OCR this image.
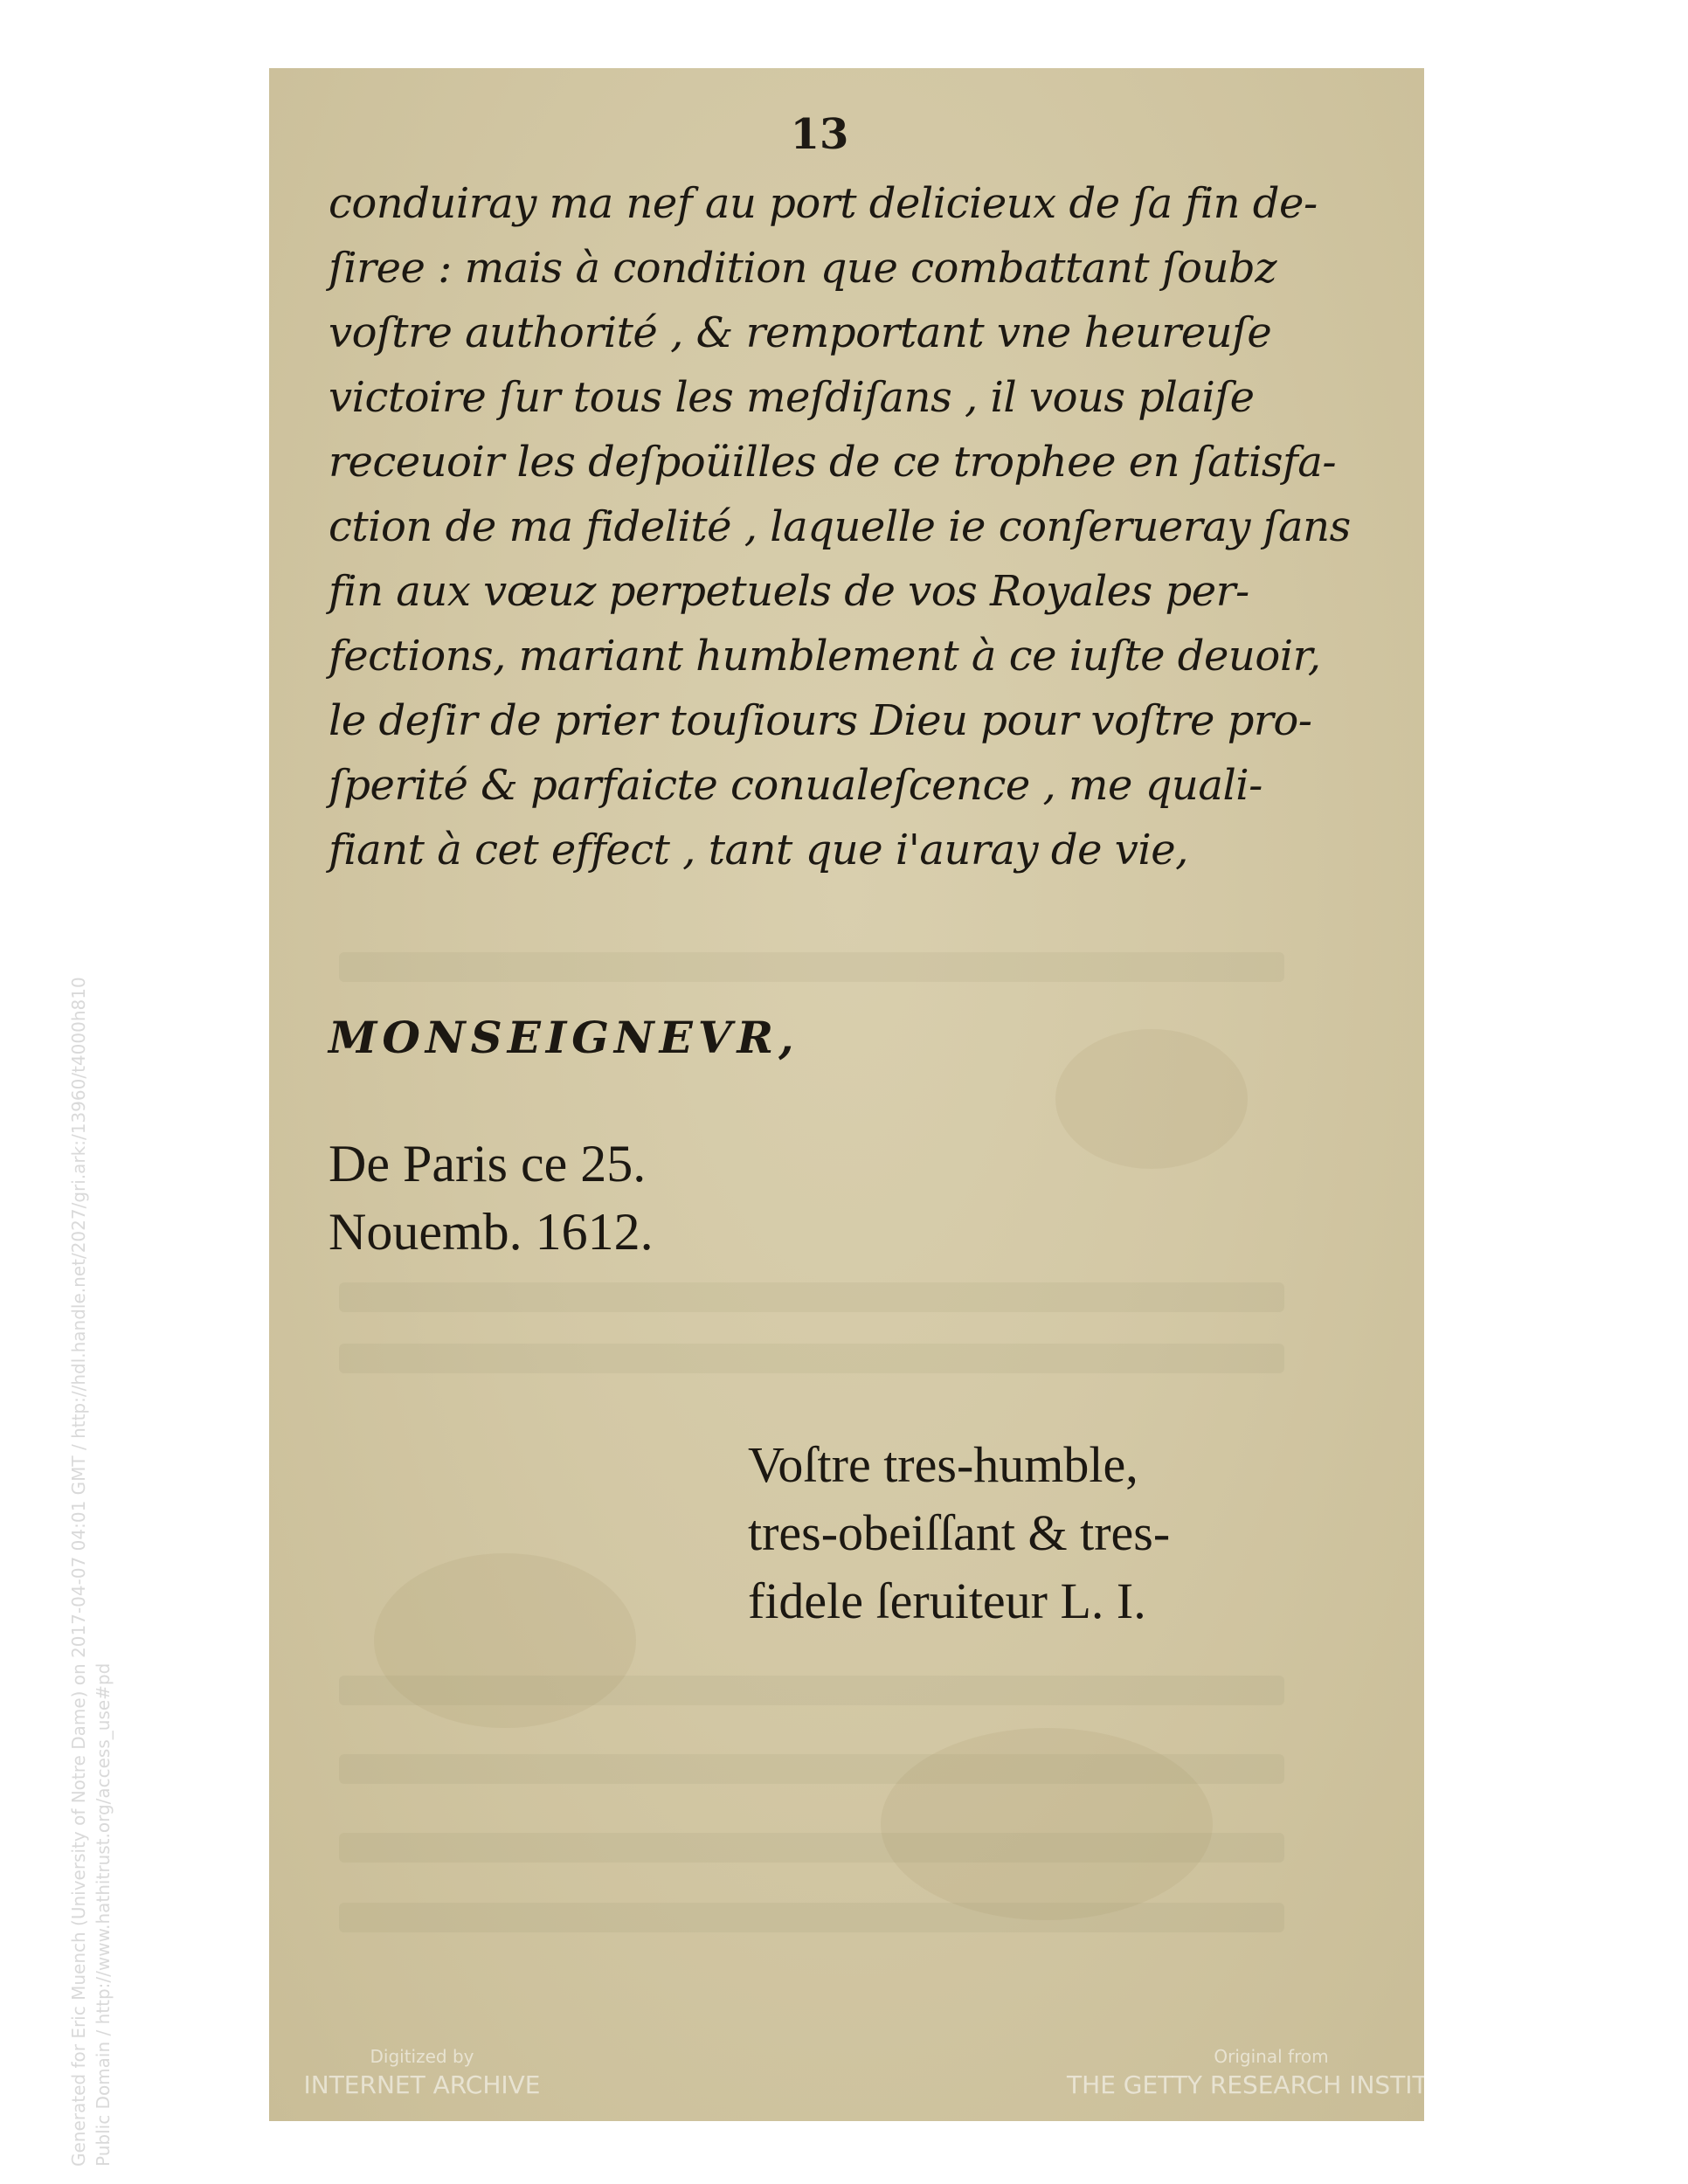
13
conduiray ma nef au port delicieux de ſa fin de-
ſiree : mais à condition que combattant ſoubz
voſtre authorité , & remportant vne heureuſe
victoire ſur tous les meſdiſans , il vous plaiſe
receuoir les deſpoüilles de ce trophee en ſatisfa-
ction de ma fidelité , laquelle ie conſerueray ſans
fin aux vœuz perpetuels de vos Royales per-
fections, mariant humblement à ce iuſte deuoir,
le deſir de prier touſiours Dieu pour voſtre pro-
ſperité & parfaicte conualeſcence , me quali-
fiant à cet effect , tant que i'auray de vie,
MONSEIGNEVR,
De Paris ce 25.
Nouemb. 1612.
Voſtre tres-humble,
tres-obeiſſant & tres-
fidele ſeruiteur L. I.
Digitized by
INTERNET ARCHIVE
Original from
THE GETTY RESEARCH INSTITUTE
Generated for Eric Muench (University of Notre Dame) on 2017-04-07 04:01 GMT / http://hdl.handle.net/2027/gri.ark:/13960/t4000h810 Public Domain / http://www.hathitrust.org/access_use#pd
